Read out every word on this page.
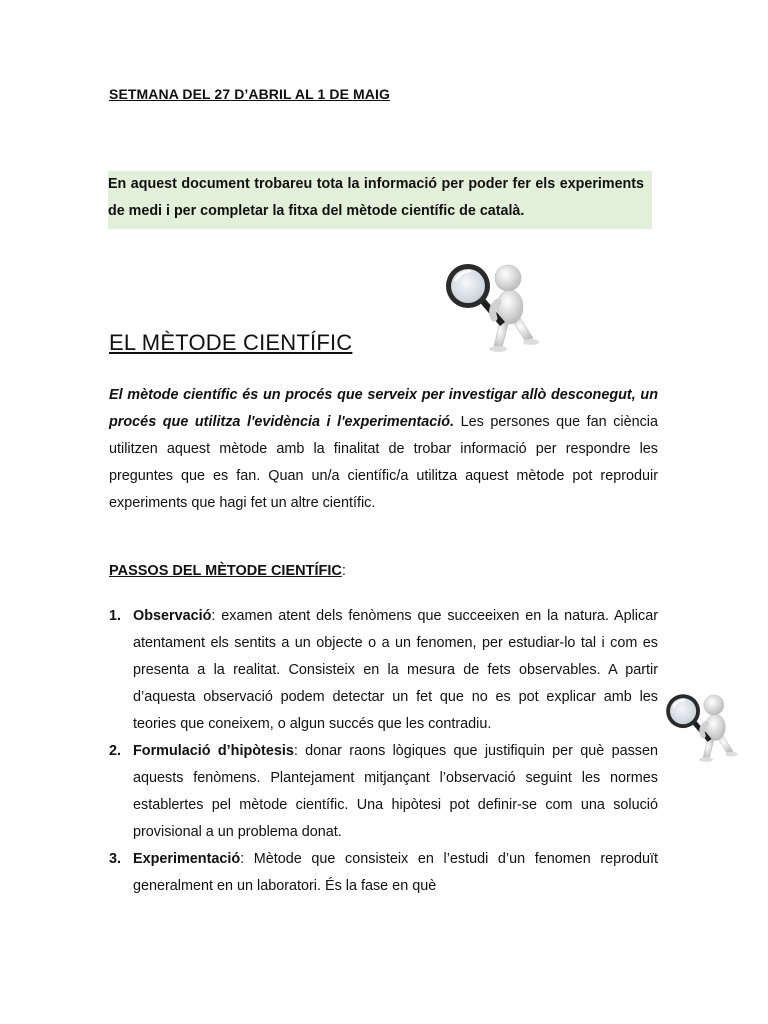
SETMANA DEL 27 D’ABRIL AL 1 DE MAIG

En aquest document trobareu tota la informació per poder fer els experiments de medi i per completar la fitxa del mètode científic de català.

EL MÈTODE CIENTÍFIC

El mètode científic és un procés que serveix per investigar allò desconegut, un procés que utilitza l'evidència i l'experimentació. Les persones que fan ciència utilitzen aquest mètode amb la finalitat de trobar informació per respondre les preguntes que es fan. Quan un/a científic/a utilitza aquest mètode pot reproduir experiments que hagi fet un altre científic.

PASSOS DEL MÈTODE CIENTÍFIC:

1. Observació: examen atent dels fenòmens que succeeixen en la natura. Aplicar atentament els sentits a un objecte o a un fenomen, per estudiar-lo tal i com es presenta a la realitat. Consisteix en la mesura de fets observables. A partir d’aquesta observació podem detectar un fet que no es pot explicar amb les teories que coneixem, o algun succés que les contradiu.
2. Formulació d’hipòtesis: donar raons lògiques que justifiquin per què passen aquests fenòmens. Plantejament mitjançant l’observació seguint les normes establertes pel mètode científic. Una hipòtesi pot definir-se com una solució provisional a un problema donat.
3. Experimentació: Mètode que consisteix en l’estudi d’un fenomen reproduït generalment en un laboratori. És la fase en què
